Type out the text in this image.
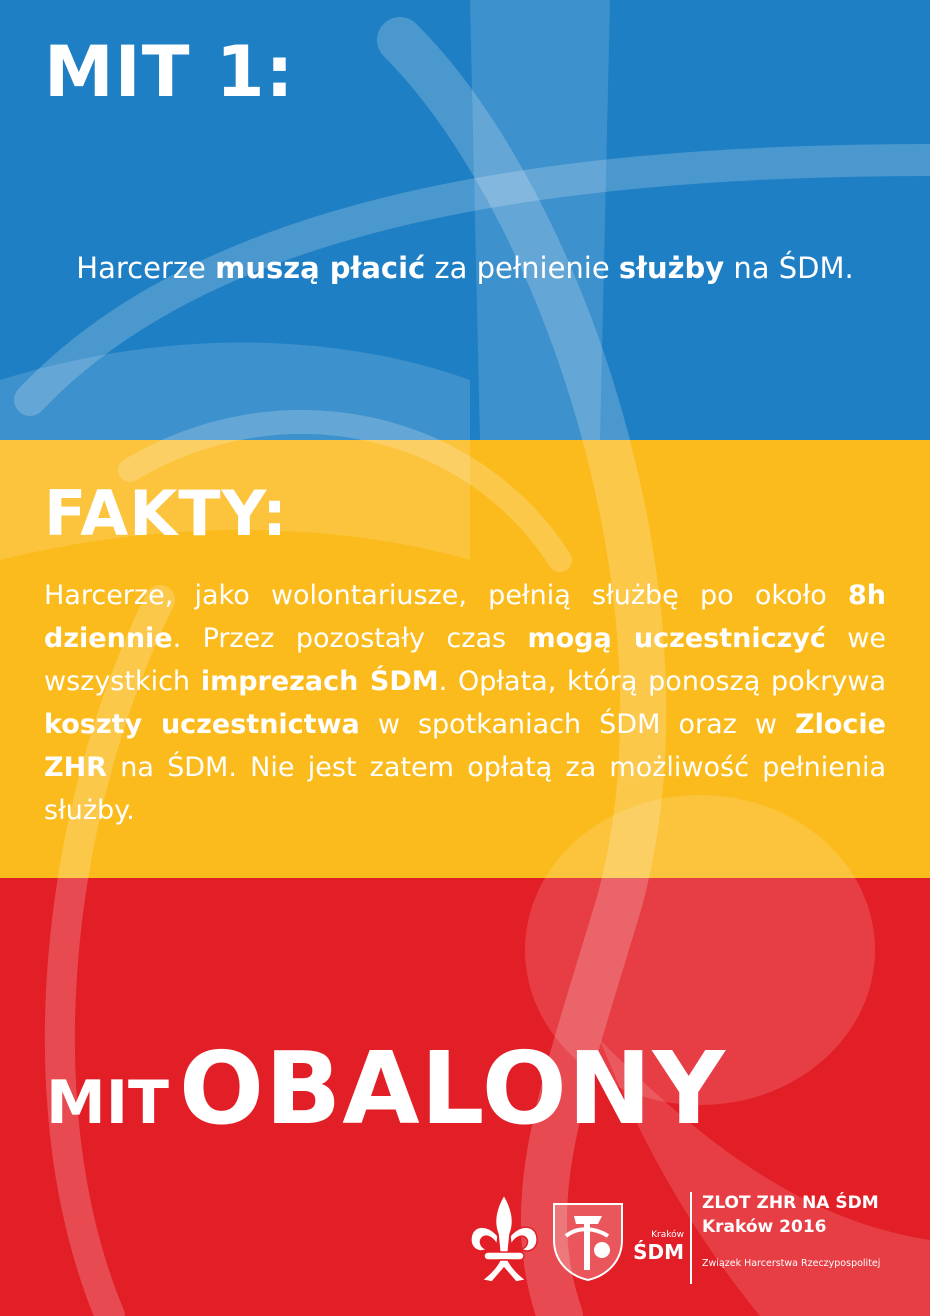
MIT 1:

Harcerze muszą płacić za pełnienie służby na ŚDM.

FAKTY:

Harcerze, jako wolontariusze, pełnią służbę po około 8h dziennie. Przez pozostały czas mogą uczestniczyć we wszystkich imprezach ŚDM. Opłata, którą ponoszą pokrywa koszty uczestnictwa w spotkaniach ŚDM oraz w Zlocie ZHR na ŚDM. Nie jest zatem opłatą za możliwość pełnienia służby.

MIT OBALONY
Kraków
ŚDM
ZLOT ZHR NA ŚDM
Kraków 2016
Związek Harcerstwa Rzeczypospolitej
